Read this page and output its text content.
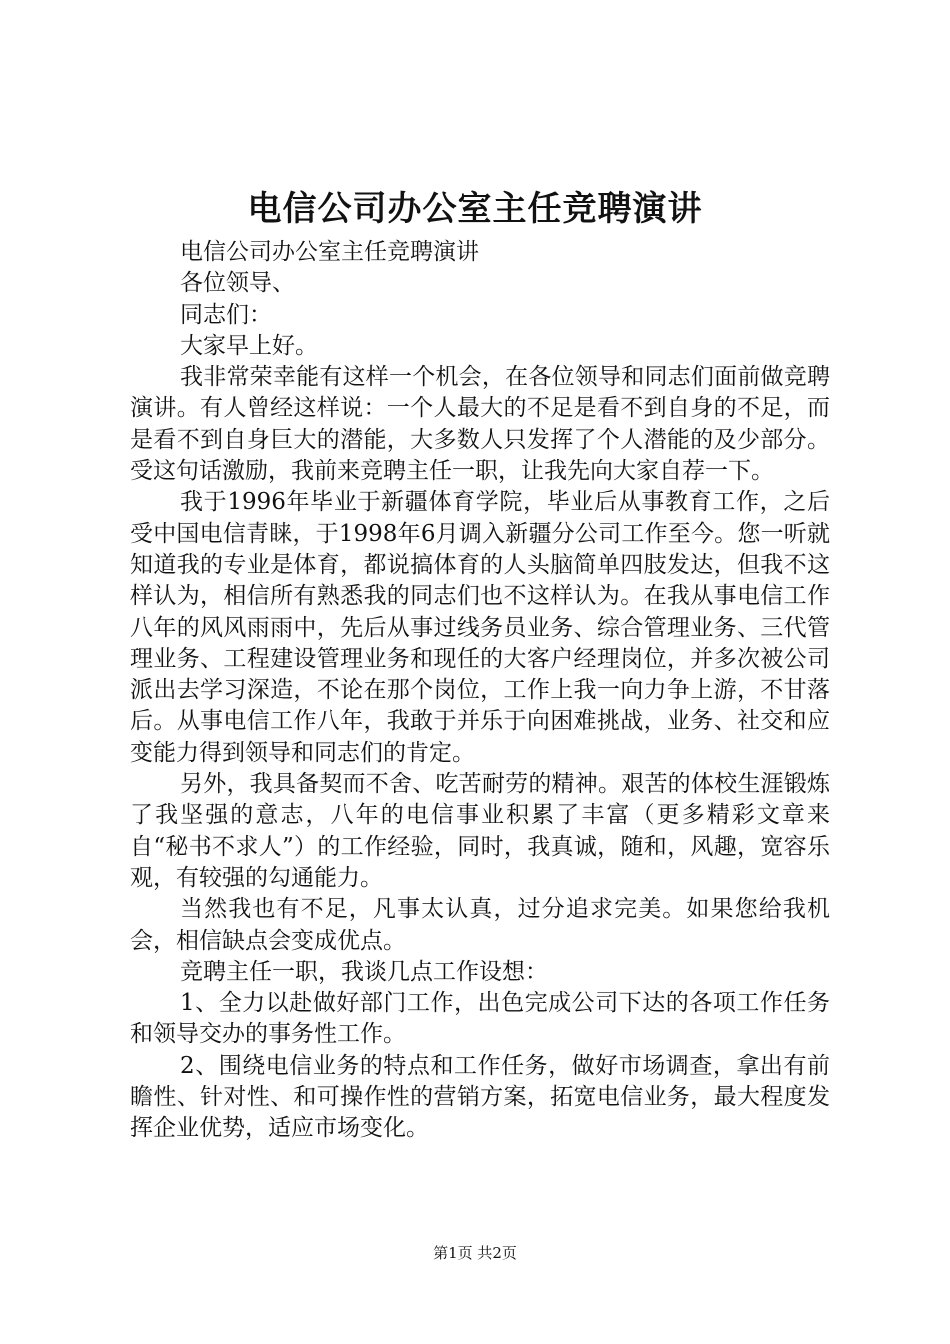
电信公司办公室主任竞聘演讲

电信公司办公室主任竞聘演讲

各位领导、

同志们：

大家早上好。

我非常荣幸能有这样一个机会，在各位领导和同志们面前做竞聘演讲。有人曾经这样说：一个人最大的不足是看不到自身的不足，而是看不到自身巨大的潜能，大多数人只发挥了个人潜能的及少部分。受这句话激励，我前来竞聘主任一职，让我先向大家自荐一下。

我于1996年毕业于新疆体育学院，毕业后从事教育工作，之后受中国电信青睐，于1998年6月调入新疆分公司工作至今。您一听就知道我的专业是体育，都说搞体育的人头脑简单四肢发达，但我不这样认为，相信所有熟悉我的同志们也不这样认为。在我从事电信工作八年的风风雨雨中，先后从事过线务员业务、综合管理业务、三代管理业务、工程建设管理业务和现任的大客户经理岗位，并多次被公司派出去学习深造，不论在那个岗位，工作上我一向力争上游，不甘落后。从事电信工作八年，我敢于并乐于向困难挑战，业务、社交和应变能力得到领导和同志们的肯定。

另外，我具备契而不舍、吃苦耐劳的精神。艰苦的体校生涯锻炼了我坚强的意志，八年的电信事业积累了丰富（更多精彩文章来自“秘书不求人”）的工作经验，同时，我真诚，随和，风趣，宽容乐观，有较强的勾通能力。

当然我也有不足，凡事太认真，过分追求完美。如果您给我机会，相信缺点会变成优点。

竞聘主任一职，我谈几点工作设想：

1、全力以赴做好部门工作，出色完成公司下达的各项工作任务和领导交办的事务性工作。

2、围绕电信业务的特点和工作任务，做好市场调查，拿出有前瞻性、针对性、和可操作性的营销方案，拓宽电信业务，最大程度发挥企业优势，适应市场变化。

第1页 共2页
